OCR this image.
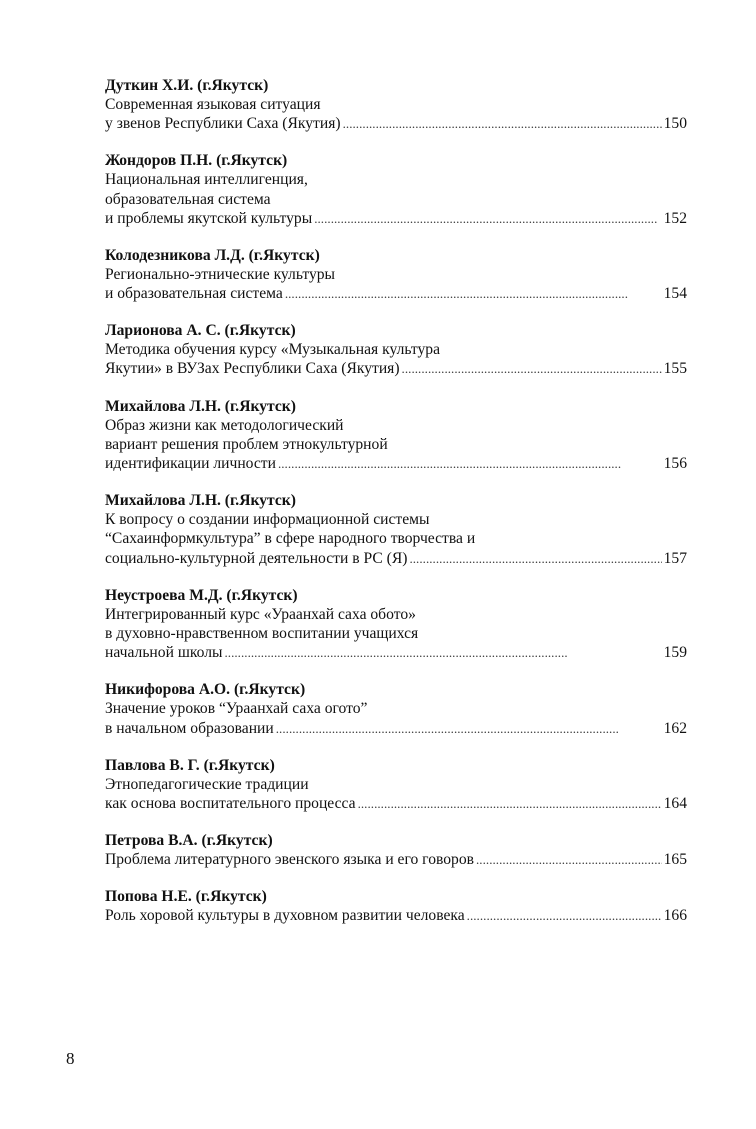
Дуткин Х.И. (г.Якутск)
Современная языковая ситуация
у звенов Республики Саха (Якутия) . . .	150
Жондоров П.Н. (г.Якутск)
Национальная интеллигенция,
образовательная система
и проблемы якутской культуры . . .	152
Колодезникова Л.Д. (г.Якутск)
Регионально-этнические культуры
и образовательная система . . .	154
Ларионова А. С. (г.Якутск)
Методика обучения курсу «Музыкальная культура
Якутии» в ВУЗах Республики Саха (Якутия) . . .	155
Михайлова Л.Н. (г.Якутск)
Образ жизни как методологический
вариант решения проблем этнокультурной
идентификации личности . . .	156
Михайлова Л.Н. (г.Якутск)
К вопросу о создании информационной системы
“Сахаинформкультура” в сфере народного творчества и
социально-культурной деятельности в РС (Я) . . .	157
Неустроева М.Д. (г.Якутск)
Интегрированный курс «Ураанхай саха обото»
в духовно-нравственном воспитании учащихся
начальной школы . . .	159
Никифорова А.О. (г.Якутск)
Значение уроков “Ураанхай саха огото”
в начальном образовании . . .	162
Павлова В. Г. (г.Якутск)
Этнопедагогические традиции
как основа воспитательного процесса . . .	164
Петрова В.А. (г.Якутск)
Проблема литературного эвенского языка и его говоров . . .	165
Попова Н.Е. (г.Якутск)
Роль хоровой культуры в духовном развитии человека . . .	166
8
